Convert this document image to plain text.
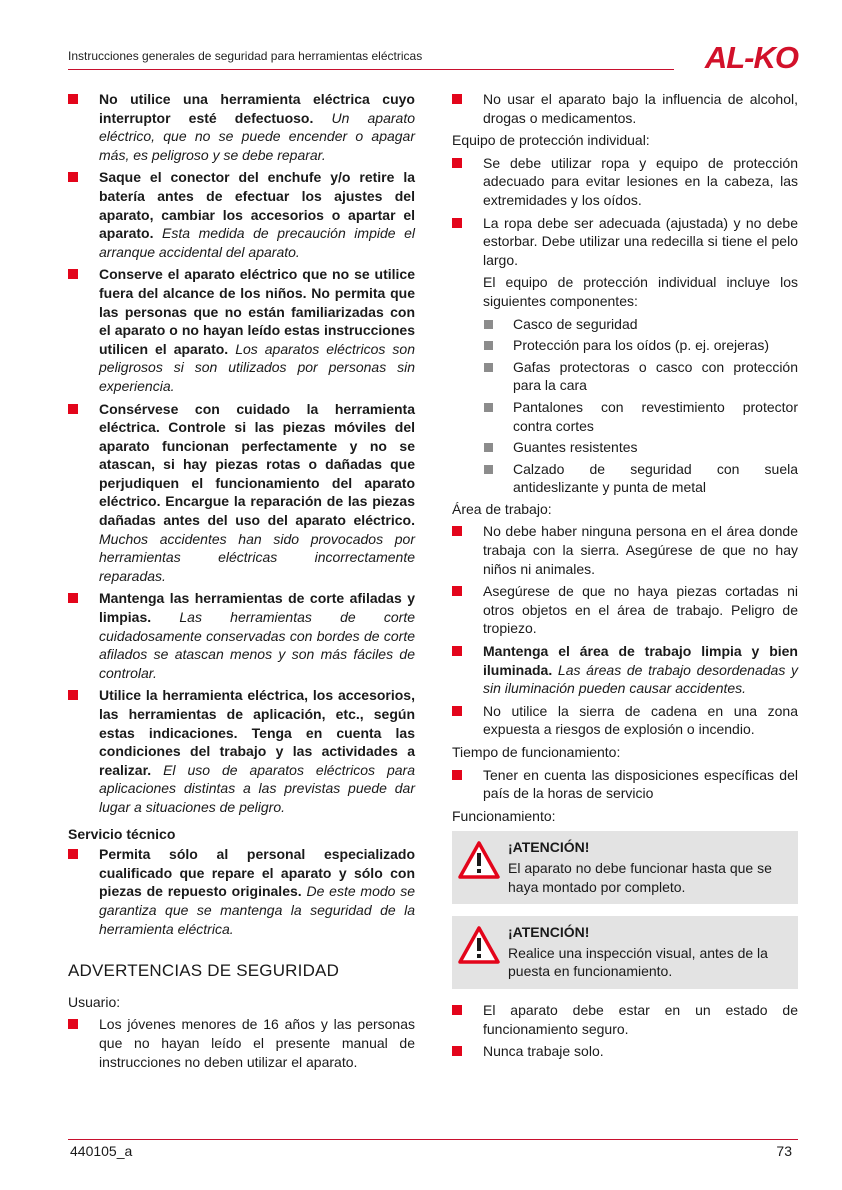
Instrucciones generales de seguridad para herramientas eléctricas	AL-KO
No utilice una herramienta eléctrica cuyo interruptor esté defectuoso. Un aparato eléctrico, que no se puede encender o apagar más, es peligroso y se debe reparar.
Saque el conector del enchufe y/o retire la batería antes de efectuar los ajustes del aparato, cambiar los accesorios o apartar el aparato. Esta medida de precaución impide el arranque accidental del aparato.
Conserve el aparato eléctrico que no se utilice fuera del alcance de los niños. No permita que las personas que no están familiarizadas con el aparato o no hayan leído estas instrucciones utilicen el aparato. Los aparatos eléctricos son peligrosos si son utilizados por personas sin experiencia.
Consérvese con cuidado la herramienta eléctrica. Controle si las piezas móviles del aparato funcionan perfectamente y no se atascan, si hay piezas rotas o dañadas que perjudiquen el funcionamiento del aparato eléctrico. Encargue la reparación de las piezas dañadas antes del uso del aparato eléctrico. Muchos accidentes han sido provocados por herramientas eléctricas incorrectamente reparadas.
Mantenga las herramientas de corte afiladas y limpias. Las herramientas de corte cuidadosamente conservadas con bordes de corte afilados se atascan menos y son más fáciles de controlar.
Utilice la herramienta eléctrica, los accesorios, las herramientas de aplicación, etc., según estas indicaciones. Tenga en cuenta las condiciones del trabajo y las actividades a realizar. El uso de aparatos eléctricos para aplicaciones distintas a las previstas puede dar lugar a situaciones de peligro.
Servicio técnico
Permita sólo al personal especializado cualificado que repare el aparato y sólo con piezas de repuesto originales. De este modo se garantiza que se mantenga la seguridad de la herramienta eléctrica.
ADVERTENCIAS DE SEGURIDAD
Usuario:
Los jóvenes menores de 16 años y las personas que no hayan leído el presente manual de instrucciones no deben utilizar el aparato.
No usar el aparato bajo la influencia de alcohol, drogas o medicamentos.
Equipo de protección individual:
Se debe utilizar ropa y equipo de protección adecuado para evitar lesiones en la cabeza, las extremidades y los oídos.
La ropa debe ser adecuada (ajustada) y no debe estorbar. Debe utilizar una redecilla si tiene el pelo largo.
El equipo de protección individual incluye los siguientes componentes:
Casco de seguridad
Protección para los oídos (p. ej. orejeras)
Gafas protectoras o casco con protección para la cara
Pantalones con revestimiento protector contra cortes
Guantes resistentes
Calzado de seguridad con suela antideslizante y punta de metal
Área de trabajo:
No debe haber ninguna persona en el área donde trabaja con la sierra. Asegúrese de que no hay niños ni animales.
Asegúrese de que no haya piezas cortadas ni otros objetos en el área de trabajo. Peligro de tropiezo.
Mantenga el área de trabajo limpia y bien iluminada. Las áreas de trabajo desordenadas y sin iluminación pueden causar accidentes.
No utilice la sierra de cadena en una zona expuesta a riesgos de explosión o incendio.
Tiempo de funcionamiento:
Tener en cuenta las disposiciones específicas del país de la horas de servicio
Funcionamiento:
¡ATENCIÓN!
El aparato no debe funcionar hasta que se haya montado por completo.
¡ATENCIÓN!
Realice una inspección visual, antes de la puesta en funcionamiento.
El aparato debe estar en un estado de funcionamiento seguro.
Nunca trabaje solo.
440105_a	73
